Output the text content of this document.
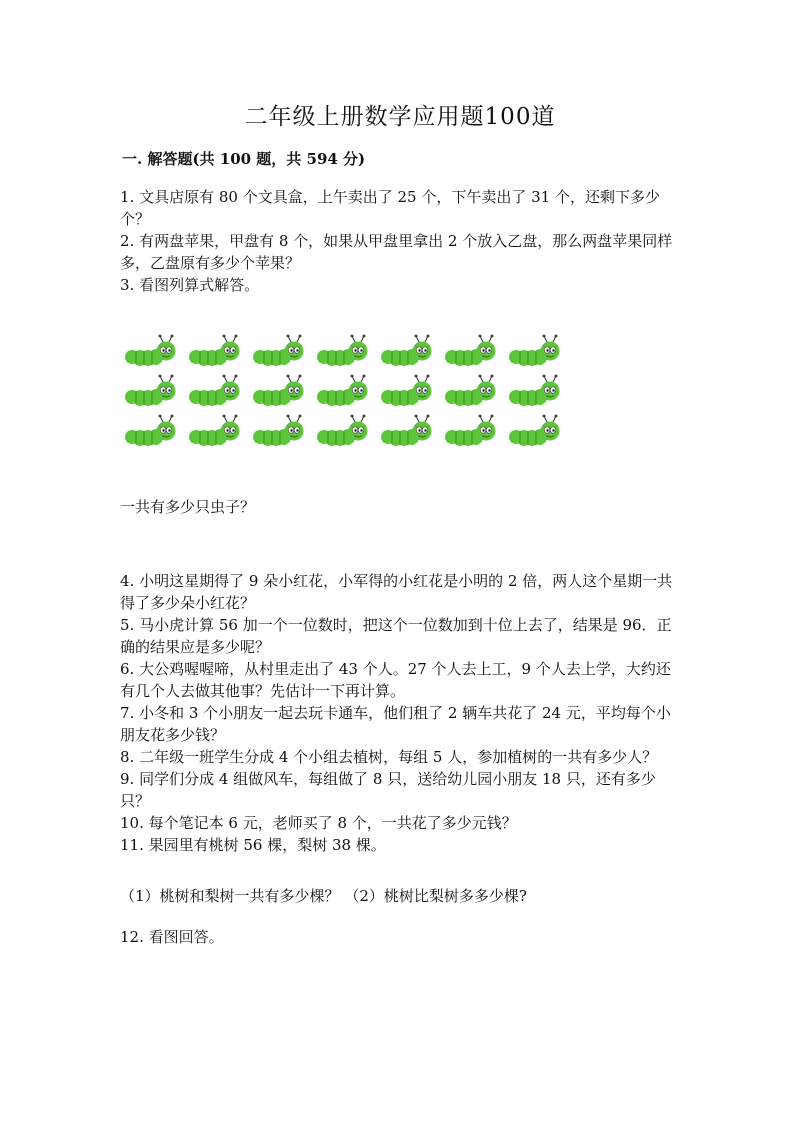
二年级上册数学应用题100道
一. 解答题(共 100 题，共 594 分)

1. 文具店原有 80 个文具盒，上午卖出了 25 个，下午卖出了 31 个，还剩下多少个？

2. 有两盘苹果，甲盘有 8 个，如果从甲盘里拿出 2 个放入乙盘，那么两盘苹果同样多，乙盘原有多少个苹果？

3. 看图列算式解答。

一共有多少只虫子？

4. 小明这星期得了 9 朵小红花，小军得的小红花是小明的 2 倍，两人这个星期一共得了多少朵小红花？

5. 马小虎计算 56 加一个一位数时，把这个一位数加到十位上去了，结果是 96．正确的结果应是多少呢？

6. 大公鸡喔喔啼，从村里走出了 43 个人。27 个人去上工，9 个人去上学，大约还有几个人去做其他事？先估计一下再计算。

7. 小冬和 3 个小朋友一起去玩卡通车，他们租了 2 辆车共花了 24 元，平均每个小朋友花多少钱？

8. 二年级一班学生分成 4 个小组去植树，每组 5 人，参加植树的一共有多少人？

9. 同学们分成 4 组做风车，每组做了 8 只，送给幼儿园小朋友 18 只，还有多少只？

10. 每个笔记本 6 元，老师买了 8 个，一共花了多少元钱？

11. 果园里有桃树 56 棵，梨树 38 棵。

（1）桃树和梨树一共有多少棵？ （2）桃树比梨树多多少棵?
12. 看图回答。
